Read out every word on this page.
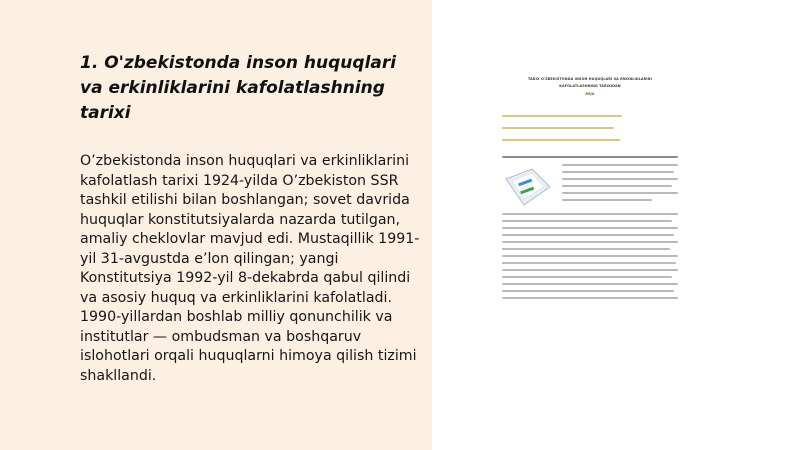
1. O'zbekistonda inson huquqlari va erkinliklarini kafolatlashning tarixi

O’zbekistonda inson huquqlari va erkinliklarini kafolatlash tarixi 1924-yilda O’zbekiston SSR tashkil etilishi bilan boshlangan; sovet davrida huquqlar konstitutsiyalarda nazarda tutilgan, amaliy cheklovlar mavjud edi. Mustaqillik 1991-yil 31-avgustda e’lon qilingan; yangi Konstitutsiya 1992-yil 8-dekabrda qabul qilindi va asosiy huquq va erkinliklarini kafolatladi. 1990-yillardan boshlab milliy qonunchilik va institutlar — ombudsman va boshqaruv islohotlari orqali huquqlarni himoya qilish tizimi shakllandi.

TARIX O'ZBEKISTONDA INSON HUQUQLARI VA ERKINLIKLARINI
KAFOLATLASHNING TARIXIDAN
REJA
